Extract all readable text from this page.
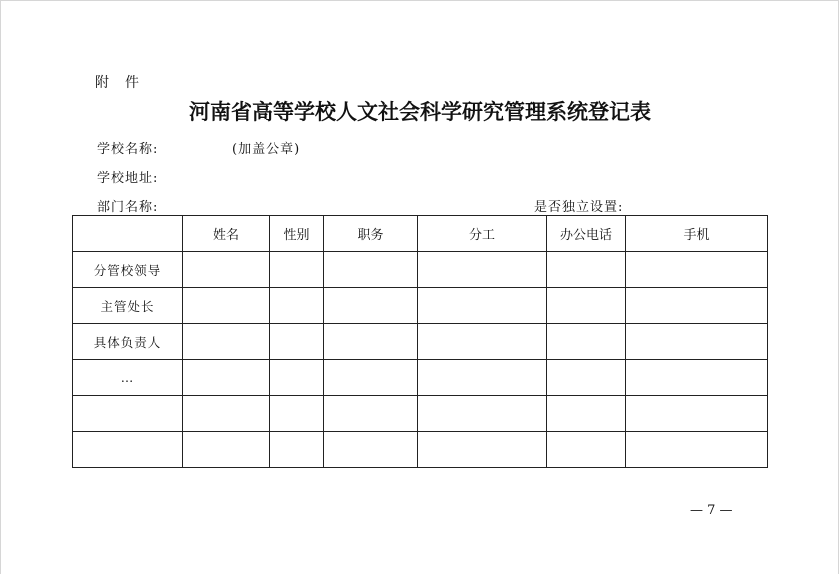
附件
河南省高等学校人文社会科学研究管理系统登记表
学校名称:	(加盖公章)
学校地址:
部门名称:	是否独立设置:
	姓名	性别	职务	分工	办公电话	手机
分管校领导						
主管处长						
具体负责人						
…						

— 7 —
